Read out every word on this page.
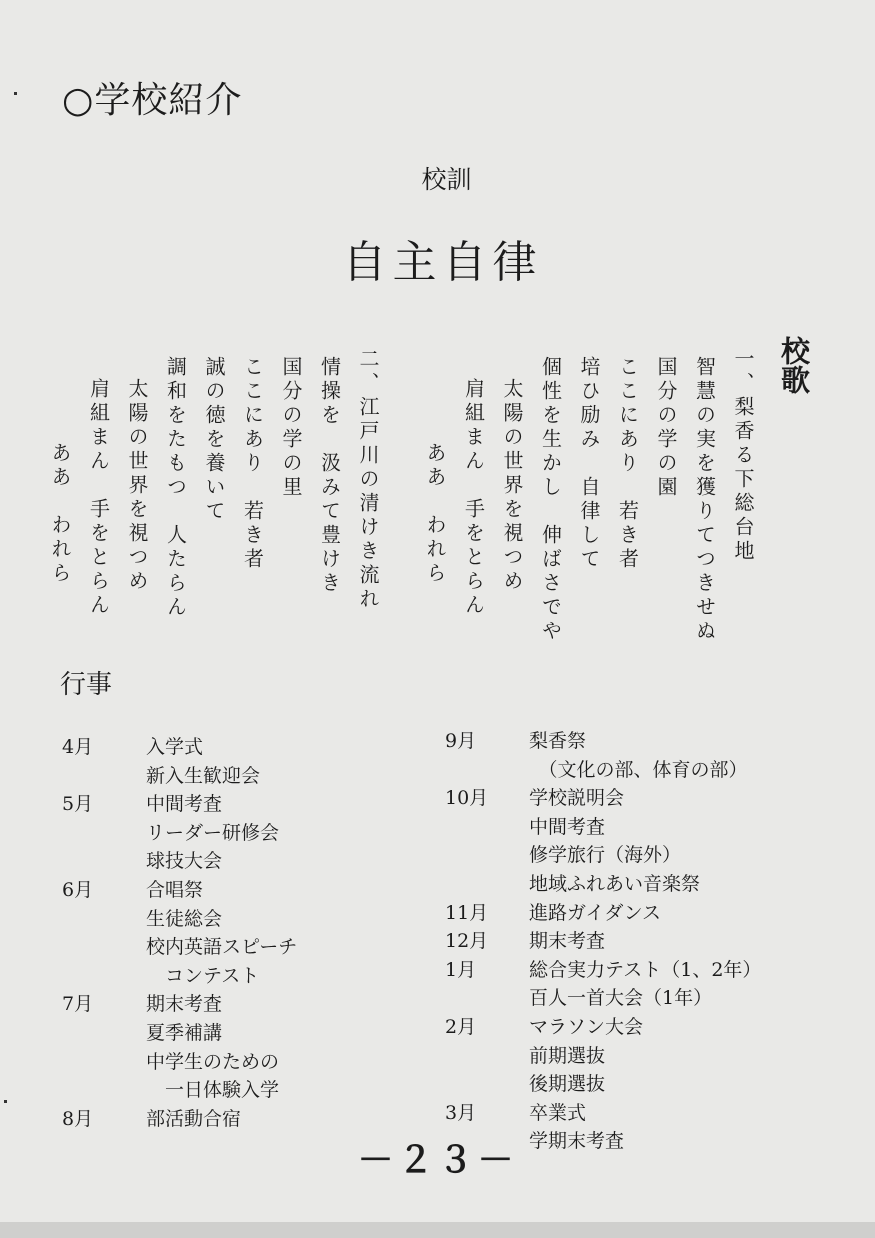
○学校紹介
校訓
自主自律
校歌
一、梨香る下総台地
智慧の実を獲りてつきせぬ
国分の学の園
ここにあり　若き者
培ひ励み　自律して
個性を生かし　伸ばさでや
太陽の世界を視つめ
肩組まん　手をとらん
ああ　われら
二、江戸川の清けき流れ
情操を　汲みて豊けき
国分の学の里
ここにあり　若き者
誠の徳を養いて
調和をたもつ　人たらん
太陽の世界を視つめ
肩組まん　手をとらん
ああ　われら
行事
4月	入学式
新入生歓迎会
5月	中間考査
リーダー研修会
球技大会
6月	合唱祭
生徒総会
校内英語スピーチ
　コンテスト
7月	期末考査
夏季補講
中学生のための
　一日体験入学
8月	部活動合宿
9月	梨香祭
　（文化の部、体育の部）
10月 学校説明会
中間考査
修学旅行（海外）
地域ふれあい音楽祭
11月 進路ガイダンス
12月 期末考査
1月	総合実力テスト（1、2年）
百人一首大会（1年）
2月	マラソン大会
前期選抜
後期選抜
3月	卒業式
学期末考査
－２３－
